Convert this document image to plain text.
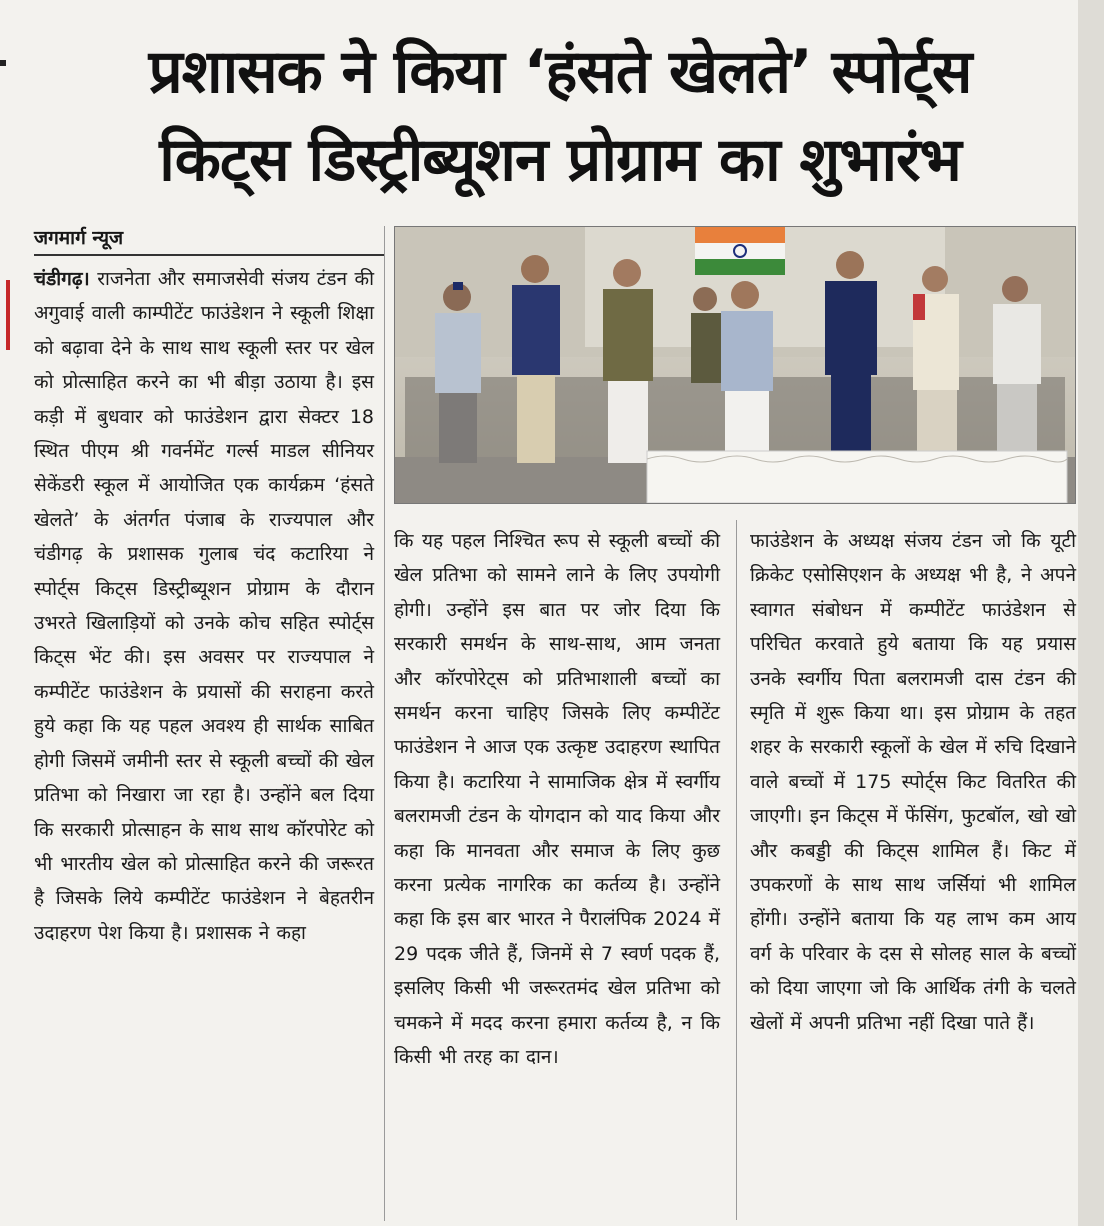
प्रशासक ने किया ‘हंसते खेलते’ स्पोर्ट्स
किट्स डिस्ट्रीब्यूशन प्रोग्राम का शुभारंभ
जगमार्ग न्यूज
चंडीगढ़। राजनेता और समाजसेवी संजय टंडन की अगुवाई वाली काम्पीटेंट फाउंडेशन ने स्कूली शिक्षा को बढ़ावा देने के साथ साथ स्कूली स्तर पर खेल को प्रोत्साहित करने का भी बीड़ा उठाया है। इस कड़ी में बुधवार को फाउंडेशन द्वारा सेक्टर 18 स्थित पीएम श्री गवर्नमेंट गर्ल्स माडल सीनियर सेकेंडरी स्कूल में आयोजित एक कार्यक्रम ‘हंसते खेलते’ के अंतर्गत पंजाब के राज्यपाल और चंडीगढ़ के प्रशासक गुलाब चंद कटारिया ने स्पोर्ट्स किट्स डिस्ट्रीब्यूशन प्रोग्राम के दौरान उभरते खिलाड़ियों को उनके कोच सहित स्पोर्ट्स किट्स भेंट की। इस अवसर पर राज्यपाल ने कम्पीटेंट फाउंडेशन के प्रयासों की सराहना करते हुये कहा कि यह पहल अवश्य ही सार्थक साबित होगी जिसमें जमीनी स्तर से स्कूली बच्चों की खेल प्रतिभा को निखारा जा रहा है। उन्होंने बल दिया कि सरकारी प्रोत्साहन के साथ साथ कॉरपोरेट को भी भारतीय खेल को प्रोत्साहित करने की जरूरत है जिसके लिये कम्पीटेंट फाउंडेशन ने बेहतरीन उदाहरण पेश किया है। प्रशासक ने कहा
कि यह पहल निश्चित रूप से स्कूली बच्चों की खेल प्रतिभा को सामने लाने के लिए उपयोगी होगी। उन्होंने इस बात पर जोर दिया कि सरकारी समर्थन के साथ-साथ, आम जनता और कॉरपोरेट्स को प्रतिभाशाली बच्चों का समर्थन करना चाहिए जिसके लिए कम्पीटेंट फाउंडेशन ने आज एक उत्कृष्ट उदाहरण स्थापित किया है। कटारिया ने सामाजिक क्षेत्र में स्वर्गीय बलरामजी टंडन के योगदान को याद किया और कहा कि मानवता और समाज के लिए कुछ करना प्रत्येक नागरिक का कर्तव्य है। उन्होंने कहा कि इस बार भारत ने पैरालंपिक 2024 में 29 पदक जीते हैं, जिनमें से 7 स्वर्ण पदक हैं, इसलिए किसी भी जरूरतमंद खेल प्रतिभा को चमकने में मदद करना हमारा कर्तव्य है, न कि किसी भी तरह का दान।
फाउंडेशन के अध्यक्ष संजय टंडन जो कि यूटी क्रिकेट एसोसिएशन के अध्यक्ष भी है, ने अपने स्वागत संबोधन में कम्पीटेंट फाउंडेशन से परिचित करवाते हुये बताया कि यह प्रयास उनके स्वर्गीय पिता बलरामजी दास टंडन की स्मृति में शुरू किया था। इस प्रोग्राम के तहत शहर के सरकारी स्कूलों के खेल में रुचि दिखाने वाले बच्चों में 175 स्पोर्ट्स किट वितरित की जाएगी। इन किट्स में फेंसिंग, फुटबॉल, खो खो और कबड्डी की किट्स शामिल हैं। किट में उपकरणों के साथ साथ जर्सियां भी शामिल होंगी। उन्होंने बताया कि यह लाभ कम आय वर्ग के परिवार के दस से सोलह साल के बच्चों को दिया जाएगा जो कि आर्थिक तंगी के चलते खेलों में अपनी प्रतिभा नहीं दिखा पाते हैं।
